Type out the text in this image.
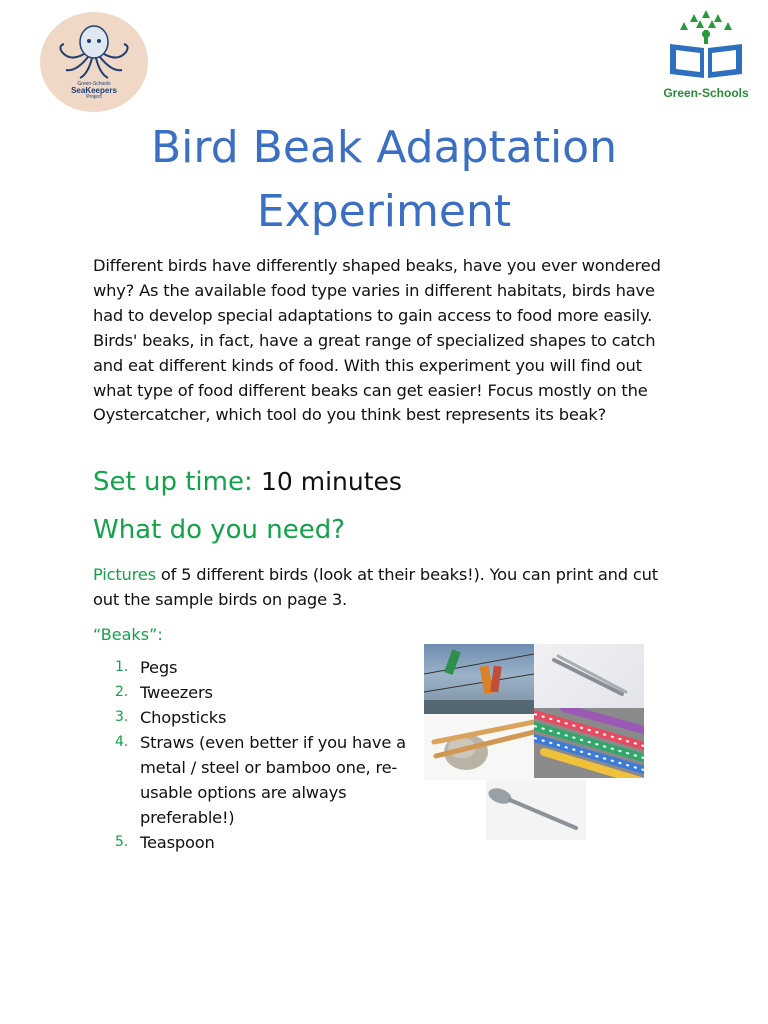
Green-Schools
SeaKeepers
Project	Green-Schools
Bird Beak Adaptation
Experiment

Different birds have differently shaped beaks, have you ever wondered why? As the available food type varies in different habitats, birds have had to develop special adaptations to gain access to food more easily. Birds' beaks, in fact, have a great range of specialized shapes to catch and eat different kinds of food. With this experiment you will find out what type of food different beaks can get easier! Focus mostly on the Oystercatcher, which tool do you think best represents its beak?

Set up time: 10 minutes
What do you need?

Pictures of 5 different birds (look at their beaks!). You can print and cut out the sample birds on page 3.

“Beaks”:

1. Pegs
2. Tweezers
3. Chopsticks
4. Straws (even better if you have a metal / steel or bamboo one, re-usable options are always preferable!)
5. Teaspoon
